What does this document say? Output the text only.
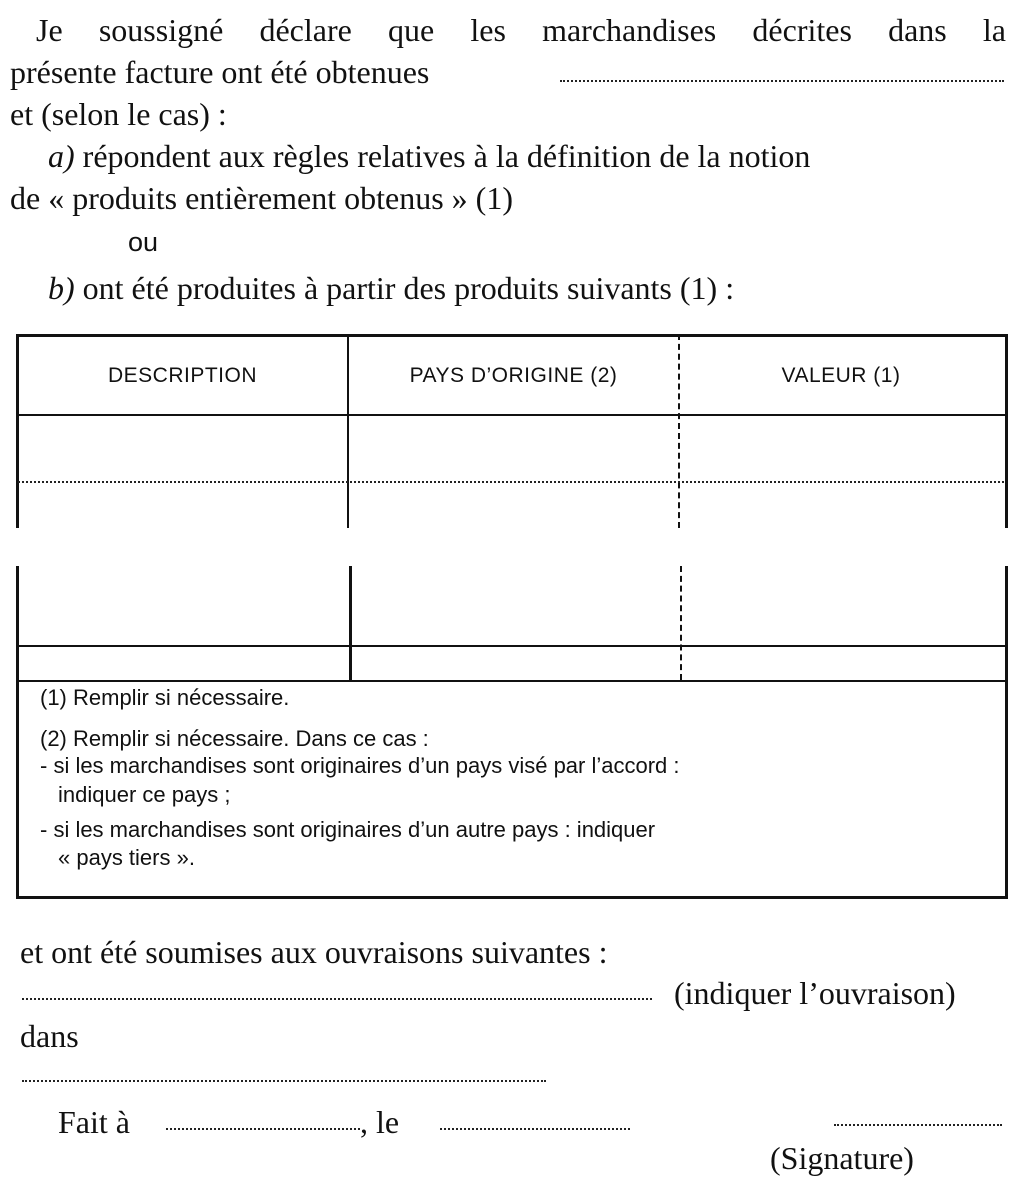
Je soussigné déclare que les marchandises décrites dans la
présente facture ont été obtenues
et (selon le cas) :
a) répondent aux règles relatives à la définition de la notion
de « produits entièrement obtenus » (1)
ou
b) ont été produites à partir des produits suivants (1) :
DESCRIPTION	PAYS D’ORIGINE (2)	VALEUR (1)
(1) Remplir si nécessaire.
(2) Remplir si nécessaire. Dans ce cas :
- si les marchandises sont originaires d’un pays visé par l’accord :
indiquer ce pays ;
- si les marchandises sont originaires d’un autre pays : indiquer
« pays tiers ».
et ont été soumises aux ouvraisons suivantes :
(indiquer l’ouvraison)
dans
Fait à	, le
(Signature)
